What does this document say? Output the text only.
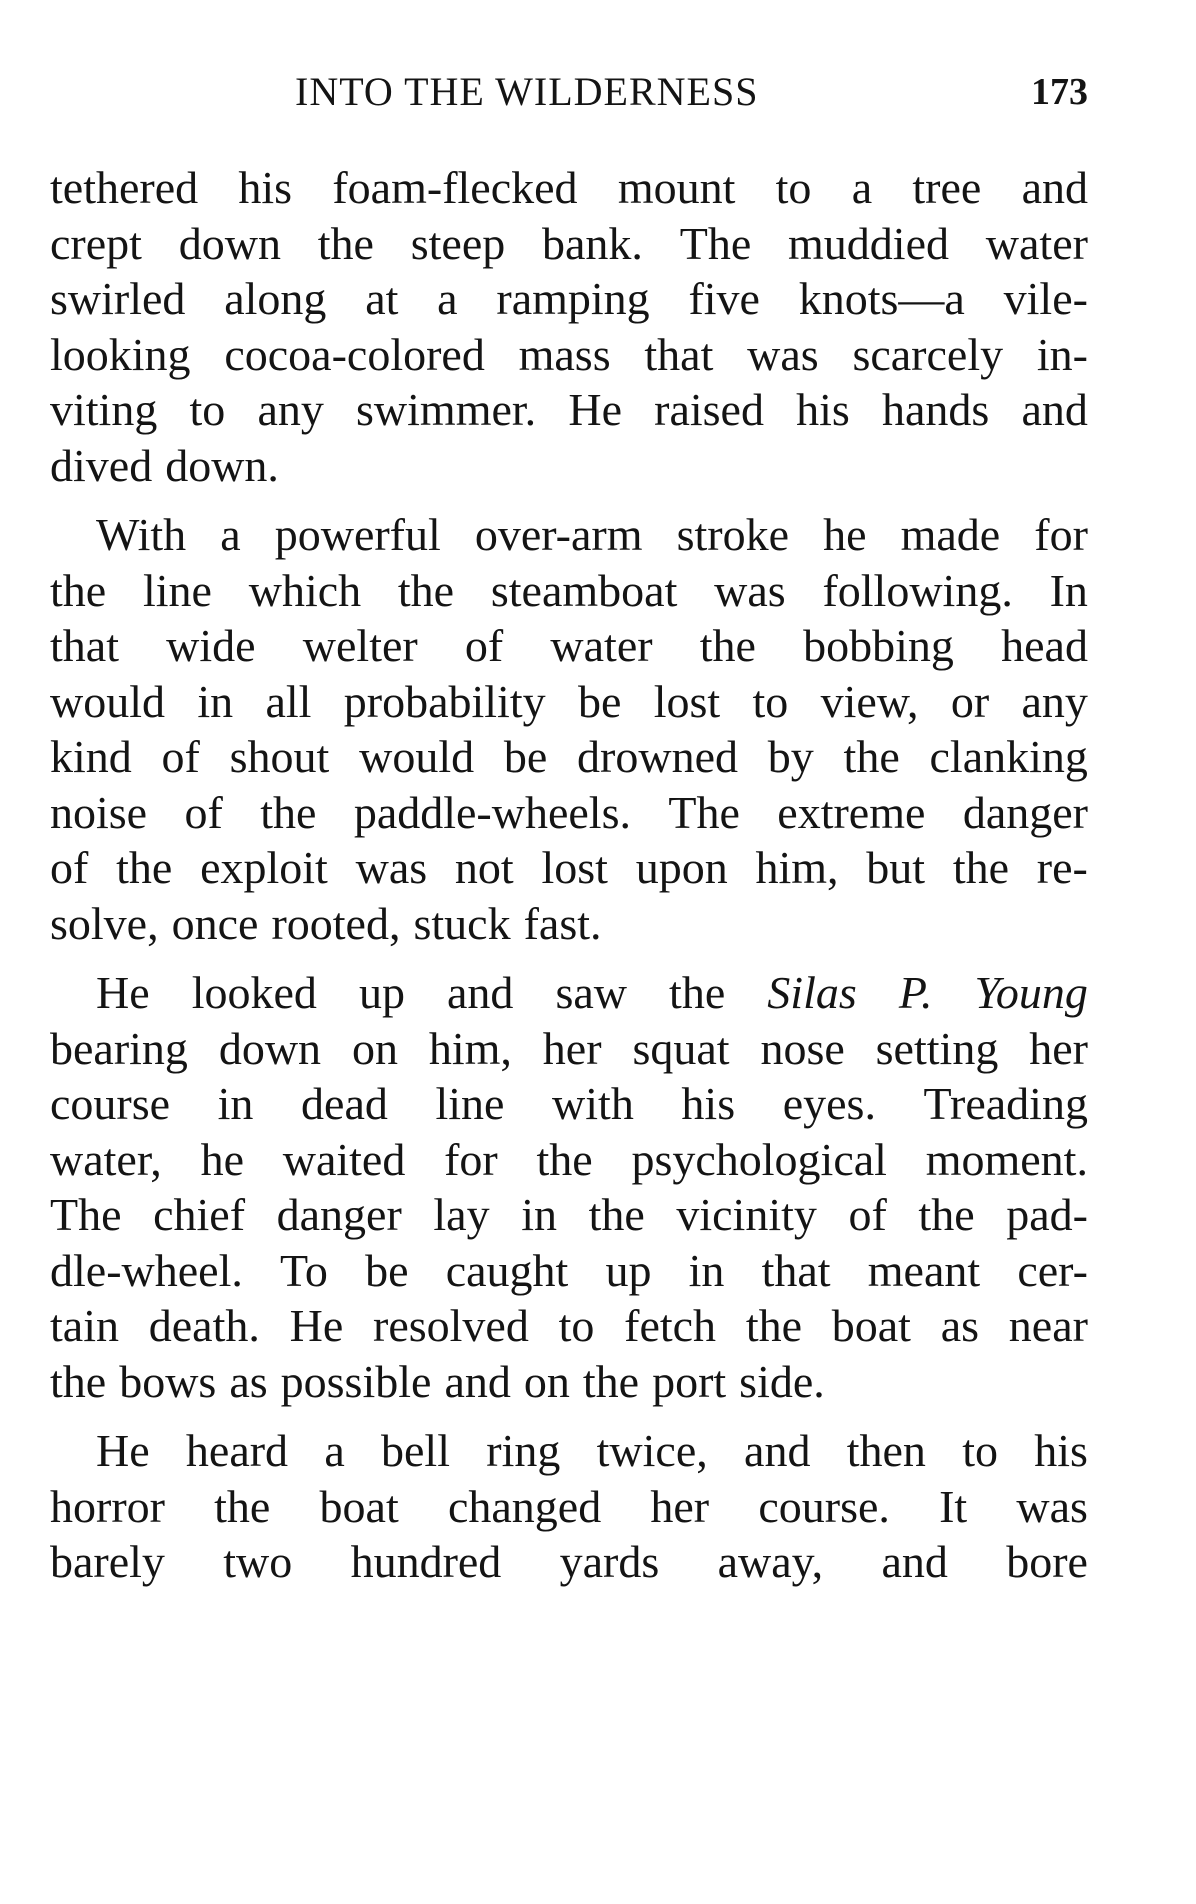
INTO THE WILDERNESS	173
tethered his foam-flecked mount to a tree and
crept down the steep bank. The muddied water
swirled along at a ramping five knots—a vile-
looking cocoa-colored mass that was scarcely in-
viting to any swimmer. He raised his hands and
dived down.
With a powerful over-arm stroke he made for
the line which the steamboat was following. In
that wide welter of water the bobbing head
would in all probability be lost to view, or any
kind of shout would be drowned by the clanking
noise of the paddle-wheels. The extreme danger
of the exploit was not lost upon him, but the re-
solve, once rooted, stuck fast.
He looked up and saw the Silas P. Young
bearing down on him, her squat nose setting her
course in dead line with his eyes. Treading
water, he waited for the psychological moment.
The chief danger lay in the vicinity of the pad-
dle-wheel. To be caught up in that meant cer-
tain death. He resolved to fetch the boat as near
the bows as possible and on the port side.
He heard a bell ring twice, and then to his
horror the boat changed her course. It was
barely two hundred yards away, and bore
